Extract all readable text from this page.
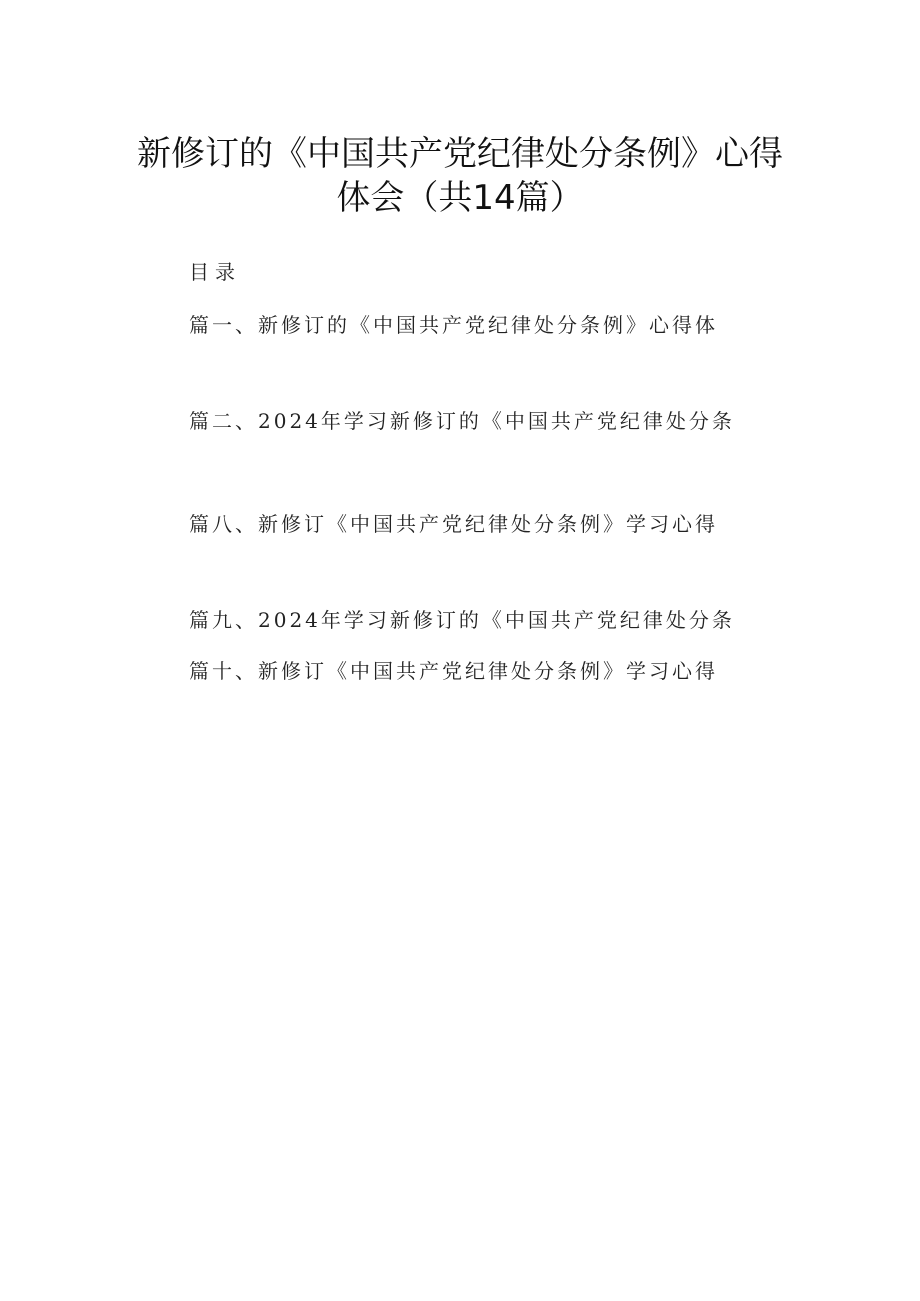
新修订的《中国共产党纪律处分条例》心得
体会（共14篇）
目录
篇一、新修订的《中国共产党纪律处分条例》心得体
篇二、2024年学习新修订的《中国共产党纪律处分条
篇八、新修订《中国共产党纪律处分条例》学习心得
篇九、2024年学习新修订的《中国共产党纪律处分条
篇十、新修订《中国共产党纪律处分条例》学习心得
